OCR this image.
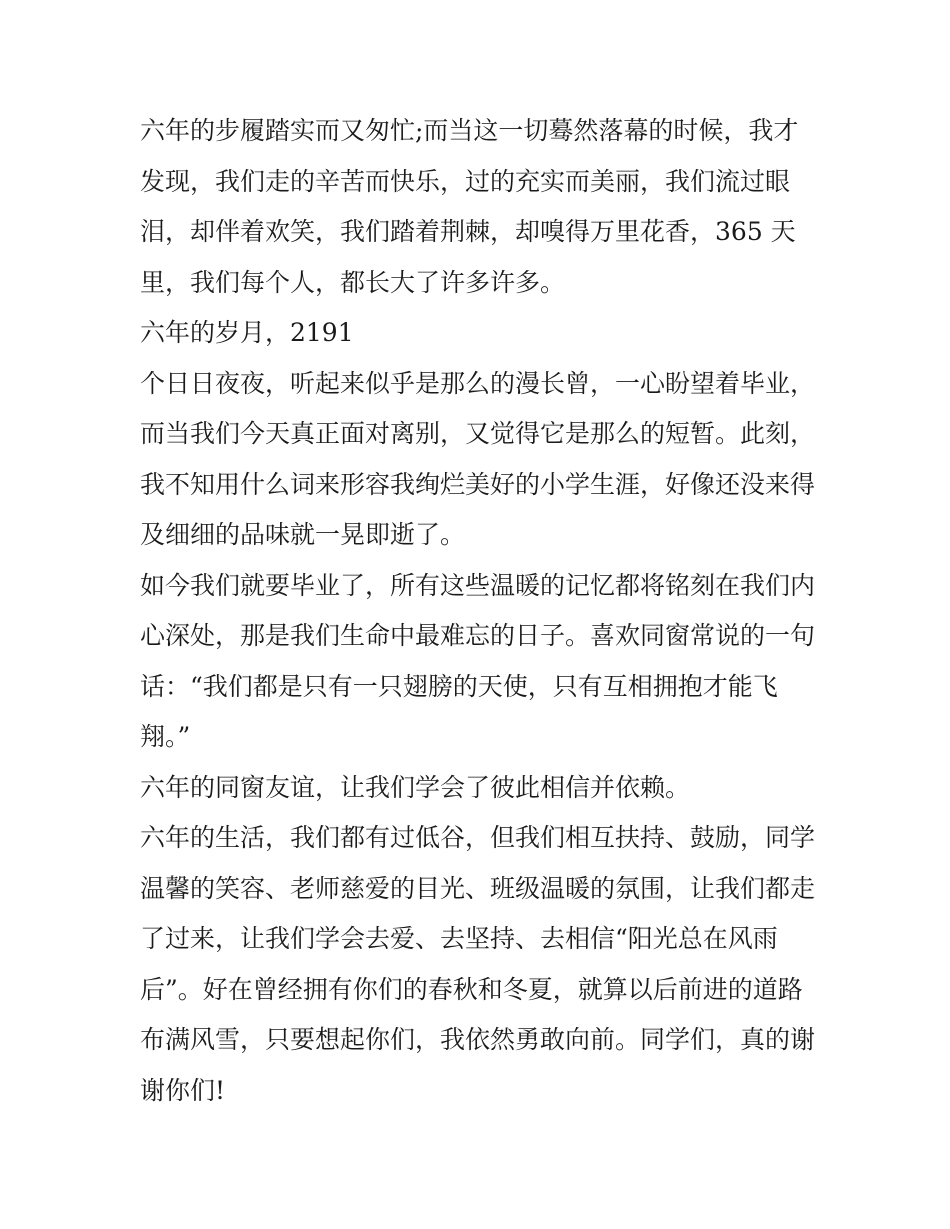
六年的步履踏实而又匆忙;而当这一切蓦然落幕的时候，我才
发现，我们走的辛苦而快乐，过的充实而美丽，我们流过眼
泪，却伴着欢笑，我们踏着荆棘，却嗅得万里花香，365 天
里，我们每个人，都长大了许多许多。
六年的岁月，2191
个日日夜夜，听起来似乎是那么的漫长曾，一心盼望着毕业，
而当我们今天真正面对离别，又觉得它是那么的短暂。此刻，
我不知用什么词来形容我绚烂美好的小学生涯，好像还没来得
及细细的品味就一晃即逝了。
如今我们就要毕业了，所有这些温暖的记忆都将铭刻在我们内
心深处，那是我们生命中最难忘的日子。喜欢同窗常说的一句
话：“我们都是只有一只翅膀的天使，只有互相拥抱才能飞
翔。”
六年的同窗友谊，让我们学会了彼此相信并依赖。
六年的生活，我们都有过低谷，但我们相互扶持、鼓励，同学
温馨的笑容、老师慈爱的目光、班级温暖的氛围，让我们都走
了过来，让我们学会去爱、去坚持、去相信“阳光总在风雨
后”。好在曾经拥有你们的春秋和冬夏，就算以后前进的道路
布满风雪，只要想起你们，我依然勇敢向前。同学们，真的谢
谢你们!
